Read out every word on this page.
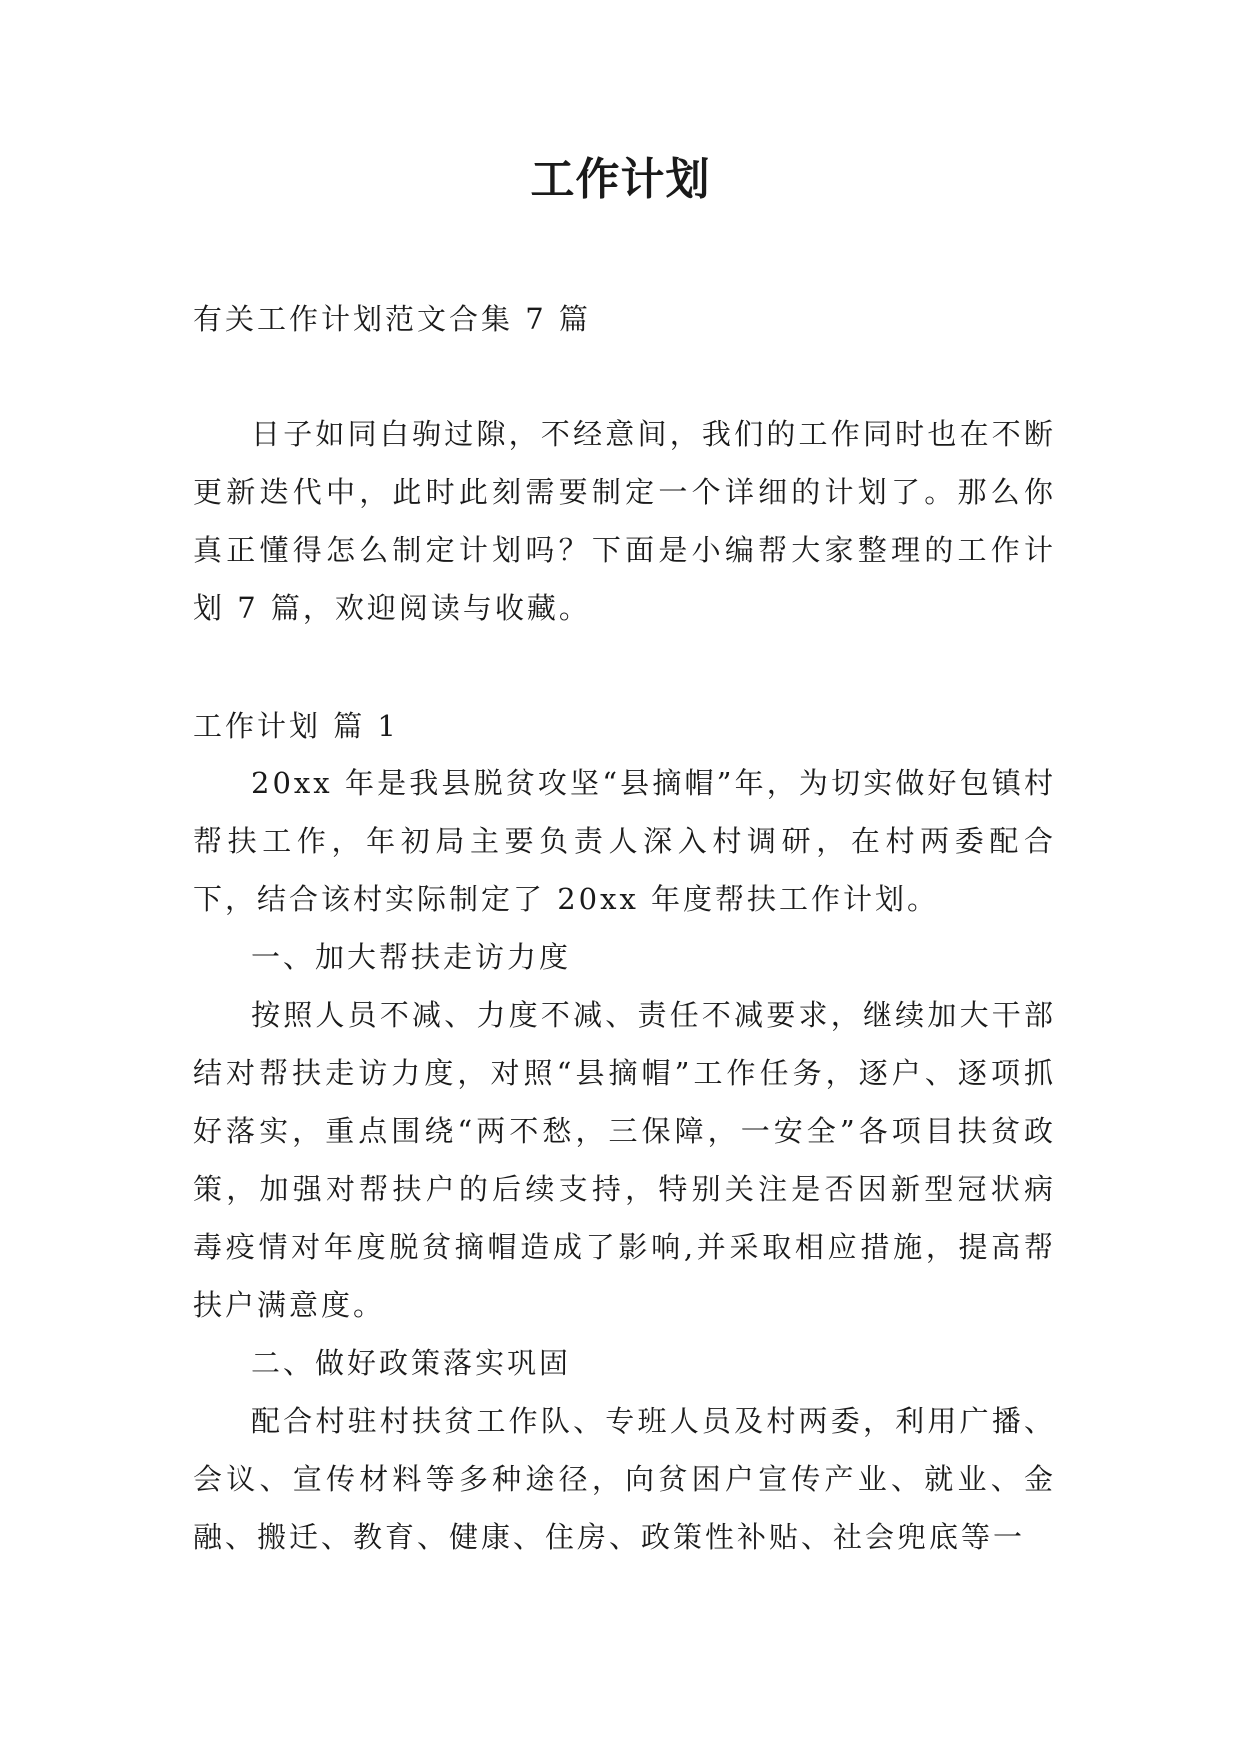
工作计划

有关工作计划范文合集 7 篇

日子如同白驹过隙，不经意间，我们的工作同时也在不断更新迭代中，此时此刻需要制定一个详细的计划了。那么你真正懂得怎么制定计划吗？下面是小编帮大家整理的工作计划 7 篇，欢迎阅读与收藏。

工作计划 篇 1

20xx 年是我县脱贫攻坚“县摘帽”年，为切实做好包镇村帮扶工作，年初局主要负责人深入村调研，在村两委配合下，结合该村实际制定了 20xx 年度帮扶工作计划。

一、加大帮扶走访力度

按照人员不减、力度不减、责任不减要求，继续加大干部结对帮扶走访力度，对照“县摘帽”工作任务，逐户、逐项抓好落实，重点围绕“两不愁，三保障，一安全”各项目扶贫政策，加强对帮扶户的后续支持，特别关注是否因新型冠状病毒疫情对年度脱贫摘帽造成了影响,并采取相应措施，提高帮扶户满意度。

二、做好政策落实巩固

配合村驻村扶贫工作队、专班人员及村两委，利用广播、会议、宣传材料等多种途径，向贫困户宣传产业、就业、金融、搬迁、教育、健康、住房、政策性补贴、社会兜底等一
